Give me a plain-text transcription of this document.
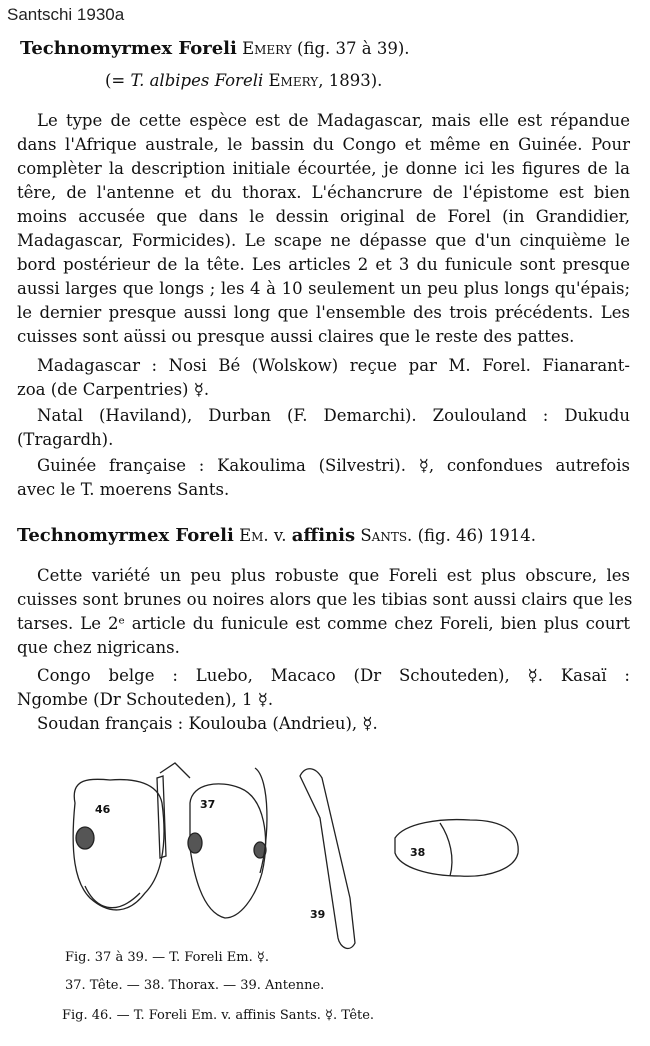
Santschi 1930a
Technomyrmex Foreli Emery (fig. 37 à 39).
(= T. albipes Foreli Emery, 1893).
Le type de cette espèce est de Madagascar, mais elle est répandue
dans l'Afrique australe, le bassin du Congo et même en Guinée. Pour
complèter la description initiale écourtée, je donne ici les figures de la
têre, de l'antenne et du thorax. L'échancrure de l'épistome est bien
moins accusée que dans le dessin original de Forel (in Grandidier,
Madagascar, Formicides). Le scape ne dépasse que d'un cinquième le
bord postérieur de la tête. Les articles 2 et 3 du funicule sont presque
aussi larges que longs ; les 4 à 10 seulement un peu plus longs qu'épais;
le dernier presque aussi long que l'ensemble des trois précédents. Les
cuisses sont aüssi ou presque aussi claires que le reste des pattes.
Madagascar : Nosi Bé (Wolskow) reçue par M. Forel. Fianarant-
zoa (de Carpentries) ☿.
Natal (Haviland), Durban (F. Demarchi). Zoulouland : Dukudu
(Tragardh).
Guinée française : Kakoulima (Silvestri). ☿, confondues autrefois
avec le T. moerens Sants.
Technomyrmex Foreli Em. v. affinis Sants. (fig. 46) 1914.
Cette variété un peu plus robuste que Foreli est plus obscure, les
cuisses sont brunes ou noires alors que les tibias sont aussi clairs que les
tarses. Le 2ᵉ article du funicule est comme chez Foreli, bien plus court
que chez nigricans.
Congo belge : Luebo, Macaco (Dr Schouteden), ☿. Kasaï :
Ngombe (Dr Schouteden), 1 ☿.
Soudan français : Koulouba (Andrieu), ☿.
46	37
38
39
Fig. 37 à 39. — T. Foreli Em. ☿.
37. Tête. — 38. Thorax. — 39. Antenne.
Fig. 46. — T. Foreli Em. v. affinis Sants. ☿. Tête.
